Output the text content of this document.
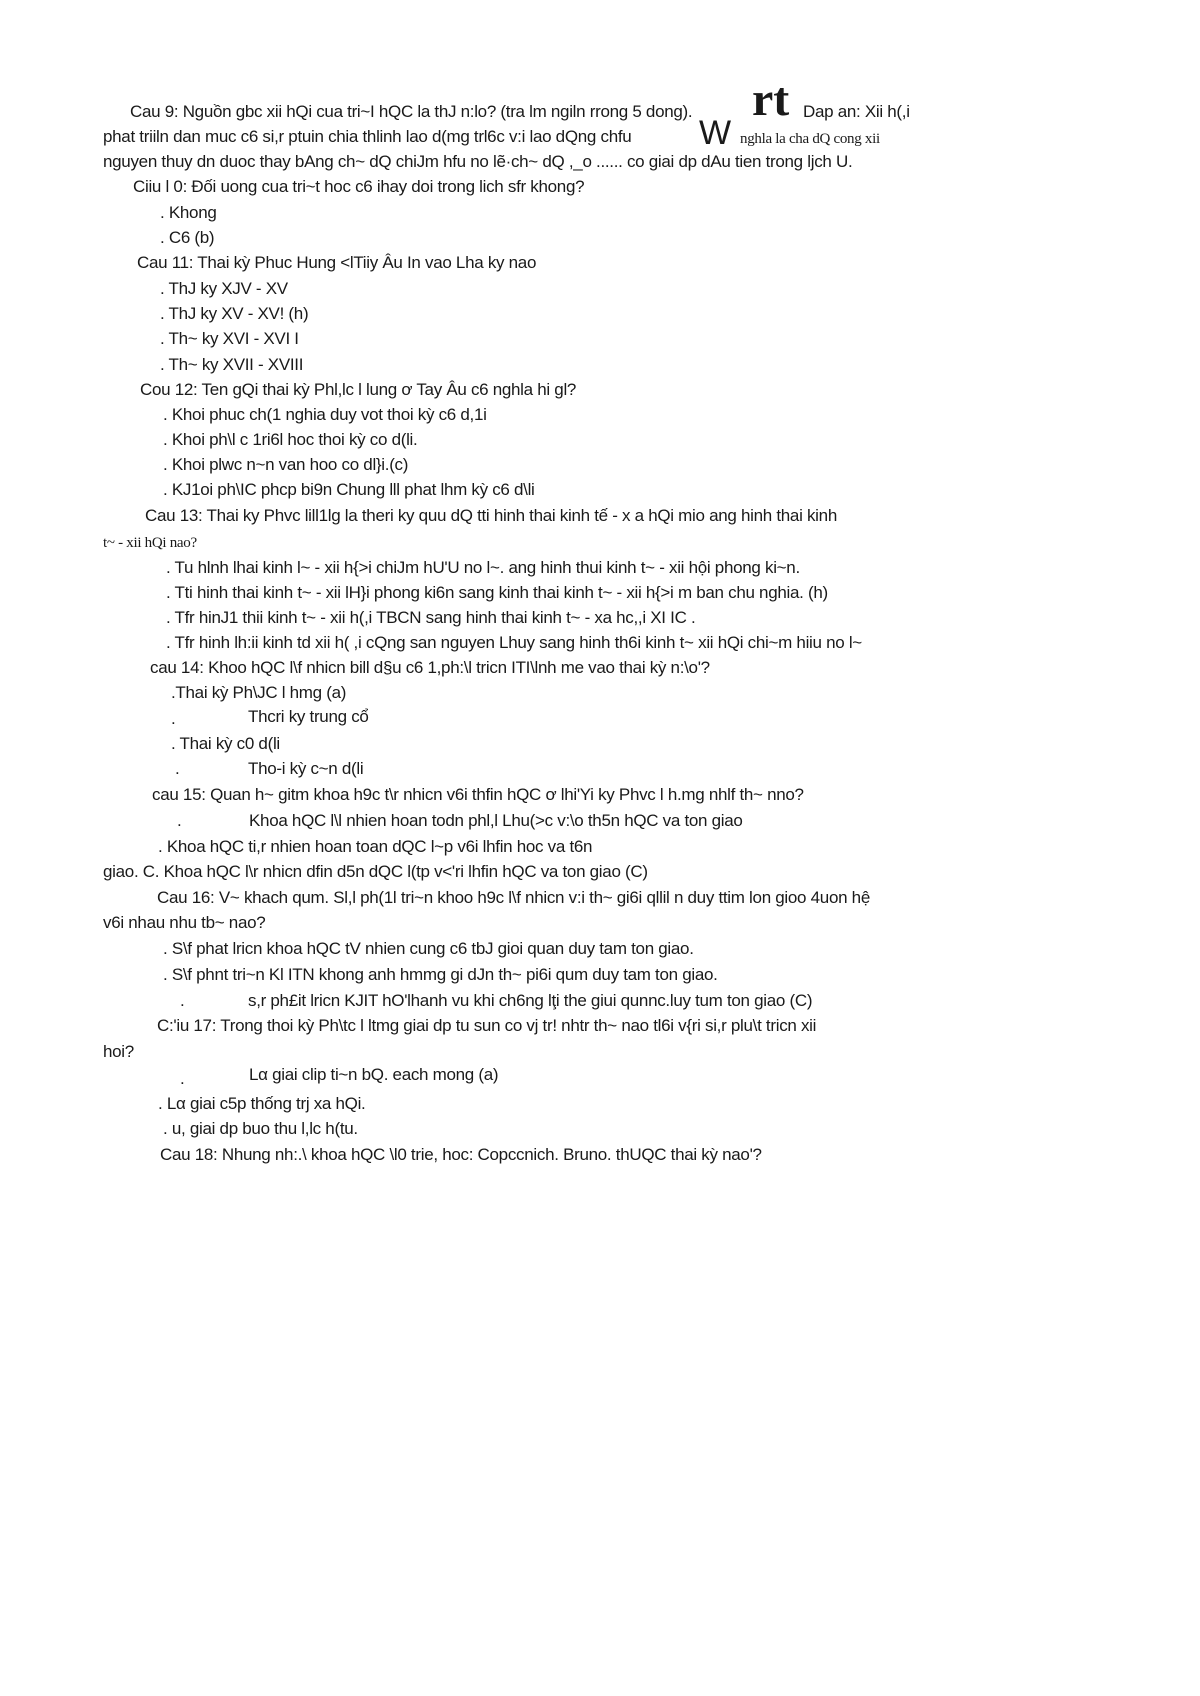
Cau 9: Nguồn gbc xii hQi cua tri~I hQC la thJ n:lo? (tra lm ngiln rrong 5 dong). rt Dap an: Xii h(,i
phat triiln dan muc c6 si,r ptuin chia thlinh lao d(mg trl6c v:i lao dQng chfu W nghla la cha dQ cong xii
nguyen thuy dn duoc thay bAng ch~ dQ chiJm hfu no lẽ·ch~ dQ ,_o ...... co giai dp dAu tien trong ljch U.
Ciiu l 0: Đối uong cua tri~t hoc c6 ihay doi trong lich sfr khong?
. Khong
. C6 (b)
Cau 11: Thai kỳ Phuc Hung <lTiiy Âu In vao Lha ky nao
. ThJ ky XJV - XV
. ThJ ky XV - XV! (h)
. Th~ ky XVI - XVI I
. Th~ ky XVII - XVIII
Cou 12: Ten gQi thai kỳ Phl,lc l lung ơ Tay Âu c6 nghla hi gl?
. Khoi phuc ch(1 nghia duy vot thoi kỳ c6 d,1i
. Khoi ph\l c 1ri6l hoc thoi kỳ co d(li.
. Khoi plwc n~n van hoo co dl}i.(c)
. KJ1oi ph\IC phcp bi9n Chung lll phat lhm kỳ c6 d\li
Cau 13: Thai ky Phvc lill1lg la theri ky quu dQ tti hinh thai kinh tế - x a hQi mio ang hinh thai kinh
t~ - xii hQi nao?
. Tu hlnh lhai kinh l~ - xii h{>i chiJm hU'U no l~. ang hinh thui kinh t~ - xii hội phong ki~n.
. Tti hinh thai kinh t~ - xii lH}i phong ki6n sang kinh thai kinh t~ - xii h{>i m ban chu nghia. (h)
. Tfr hinJ1 thii kinh t~ - xii h(,i TBCN sang hinh thai kinh t~ - xa hc,,i XI IC .
. Tfr hinh lh:ii kinh td xii h( ,i cQng san nguyen Lhuy sang hinh th6i kinh t~ xii hQi chi~m hiiu no l~
cau 14: Khoo hQC l\f nhicn bill d§u c6 1,ph:\l tricn ITI\lnh me vao thai kỳ n:\o'?
.Thai kỳ Ph\JC l hmg (a)
.	Thcri ky trung cổ
. Thai kỳ c0 d(li
.	Tho-i kỳ c~n d(li
cau 15: Quan h~ gitm khoa h9c t\r nhicn v6i thfin hQC ơ lhi'Yi ky Phvc l h.mg nhlf th~ nno?
.	Khoa hQC l\l nhien hoan todn phl,l Lhu(>c v:\o th5n hQC va ton giao
. Khoa hQC ti,r nhien hoan toan dQC l~p v6i lhfin hoc va t6n
giao. C. Khoa hQC l\r nhicn dfin d5n dQC l(tp v<'ri lhfin hQC va ton giao (C)
Cau 16: V~ khach qum. Sl,l ph(1l tri~n khoo h9c l\f nhicn v:i th~ gi6i qllil n duy ttim lon gioo 4uon hệ
v6i nhau nhu tb~ nao?
. S\f phat lricn khoa hQC tV nhien cung c6 tbJ gioi quan duy tam ton giao.
. S\f phnt tri~n Kl ITN khong anh hmmg gi dJn th~ pi6i qum duy tam ton giao.
.	s,r ph£it lricn KJIT hO'lhanh vu khi ch6ng lţi the giui qunnc.luy tum ton giao (C)
C:'iu 17: Trong thoi kỳ Ph\tc l ltmg giai dp tu sun co vj tr! nhtr th~ nao tl6i v{ri si,r plu\t tricn xii
hoi?
.	Lα giai clip ti~n bQ. each mong (a)
. Lα giai c5p thống trj xa hQi.
. u, giai dp buo thu l,lc h(tu.
Cau 18: Nhung nh:.\ khoa hQC \l0 trie, hoc: Copccnich. Bruno. thUQC thai kỳ nao'?
